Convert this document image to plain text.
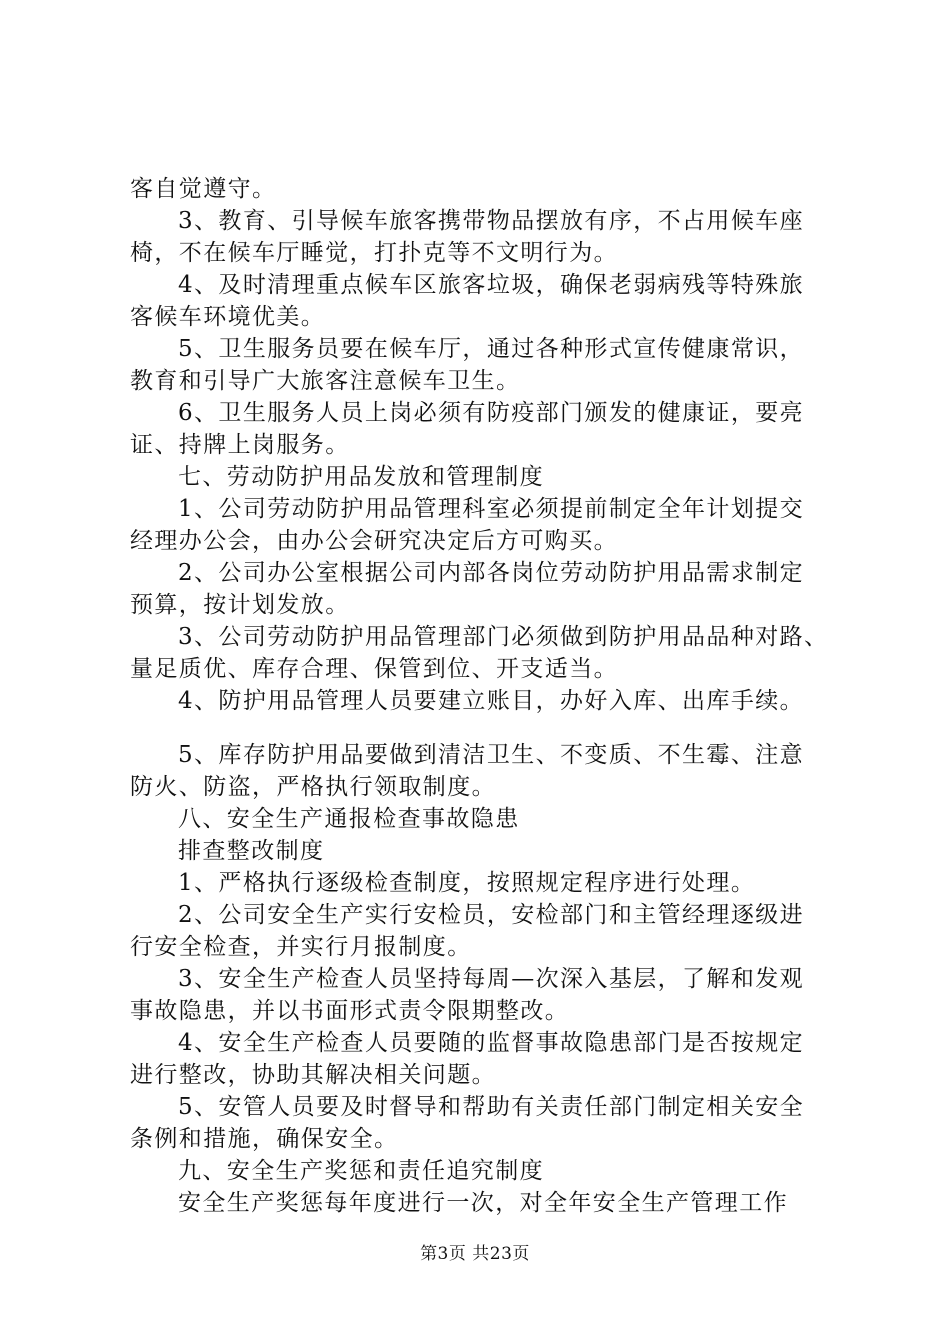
客自觉遵守。
3、教育、引导候车旅客携带物品摆放有序，不占用候车座
椅，不在候车厅睡觉，打扑克等不文明行为。
4、及时清理重点候车区旅客垃圾，确保老弱病残等特殊旅
客候车环境优美。
5、卫生服务员要在候车厅，通过各种形式宣传健康常识，
教育和引导广大旅客注意候车卫生。
6、卫生服务人员上岗必须有防疫部门颁发的健康证，要亮
证、持牌上岗服务。
七、劳动防护用品发放和管理制度
1、公司劳动防护用品管理科室必须提前制定全年计划提交
经理办公会，由办公会研究决定后方可购买。
2、公司办公室根据公司内部各岗位劳动防护用品需求制定
预算，按计划发放。
3、公司劳动防护用品管理部门必须做到防护用品品种对路、
量足质优、库存合理、保管到位、开支适当。
4、防护用品管理人员要建立账目，办好入库、出库手续。
5、库存防护用品要做到清洁卫生、不变质、不生霉、注意
防火、防盗，严格执行领取制度。
八、安全生产通报检查事故隐患
排查整改制度
1、严格执行逐级检查制度，按照规定程序进行处理。
2、公司安全生产实行安检员，安检部门和主管经理逐级进
行安全检查，并实行月报制度。
3、安全生产检查人员坚持每周—次深入基层，了解和发观
事故隐患，并以书面形式责令限期整改。
4、安全生产检查人员要随的监督事故隐患部门是否按规定
进行整改，协助其解决相关问题。
5、安管人员要及时督导和帮助有关责任部门制定相关安全
条例和措施，确保安全。
九、安全生产奖惩和责任追究制度
安全生产奖惩每年度进行一次，对全年安全生产管理工作
第3页 共23页
